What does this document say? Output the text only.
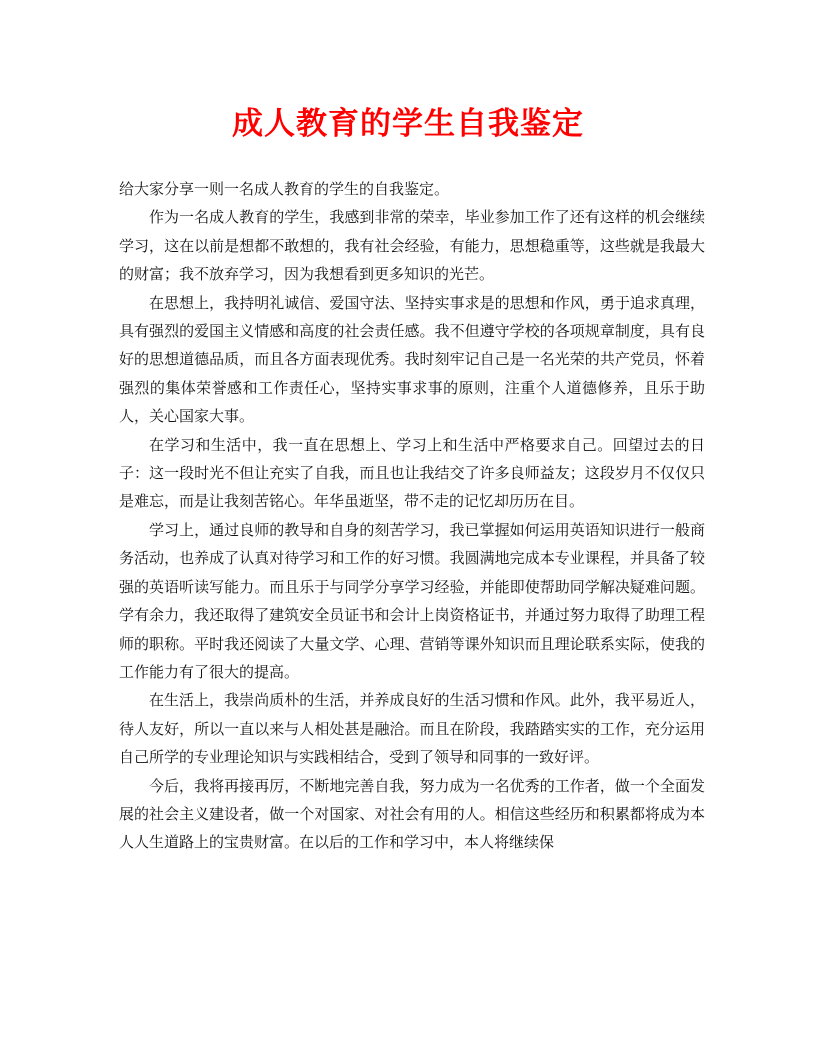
成人教育的学生自我鉴定

给大家分享一则一名成人教育的学生的自我鉴定。

作为一名成人教育的学生，我感到非常的荣幸，毕业参加工作了还有这样的机会继续学习，这在以前是想都不敢想的，我有社会经验，有能力，思想稳重等，这些就是我最大的财富；我不放弃学习，因为我想看到更多知识的光芒。

在思想上，我持明礼诚信、爱国守法、坚持实事求是的思想和作风，勇于追求真理，具有强烈的爱国主义情感和高度的社会责任感。我不但遵守学校的各项规章制度，具有良好的思想道德品质，而且各方面表现优秀。我时刻牢记自己是一名光荣的共产党员，怀着强烈的集体荣誉感和工作责任心，坚持实事求事的原则，注重个人道德修养，且乐于助人，关心国家大事。

在学习和生活中，我一直在思想上、学习上和生活中严格要求自己。回望过去的日子：这一段时光不但让充实了自我，而且也让我结交了许多良师益友；这段岁月不仅仅只是难忘，而是让我刻苦铭心。年华虽逝坚，带不走的记忆却历历在目。

学习上，通过良师的教导和自身的刻苦学习，我已掌握如何运用英语知识进行一般商务活动，也养成了认真对待学习和工作的好习惯。我圆满地完成本专业课程，并具备了较强的英语听读写能力。而且乐于与同学分享学习经验，并能即使帮助同学解决疑难问题。学有余力，我还取得了建筑安全员证书和会计上岗资格证书，并通过努力取得了助理工程师的职称。平时我还阅读了大量文学、心理、营销等课外知识而且理论联系实际，使我的工作能力有了很大的提高。

在生活上，我崇尚质朴的生活，并养成良好的生活习惯和作风。此外，我平易近人，待人友好，所以一直以来与人相处甚是融洽。而且在阶段，我踏踏实实的工作，充分运用自己所学的专业理论知识与实践相结合，受到了领导和同事的一致好评。

今后，我将再接再厉，不断地完善自我，努力成为一名优秀的工作者，做一个全面发展的社会主义建设者，做一个对国家、对社会有用的人。相信这些经历和积累都将成为本人人生道路上的宝贵财富。在以后的工作和学习中，本人将继续保
